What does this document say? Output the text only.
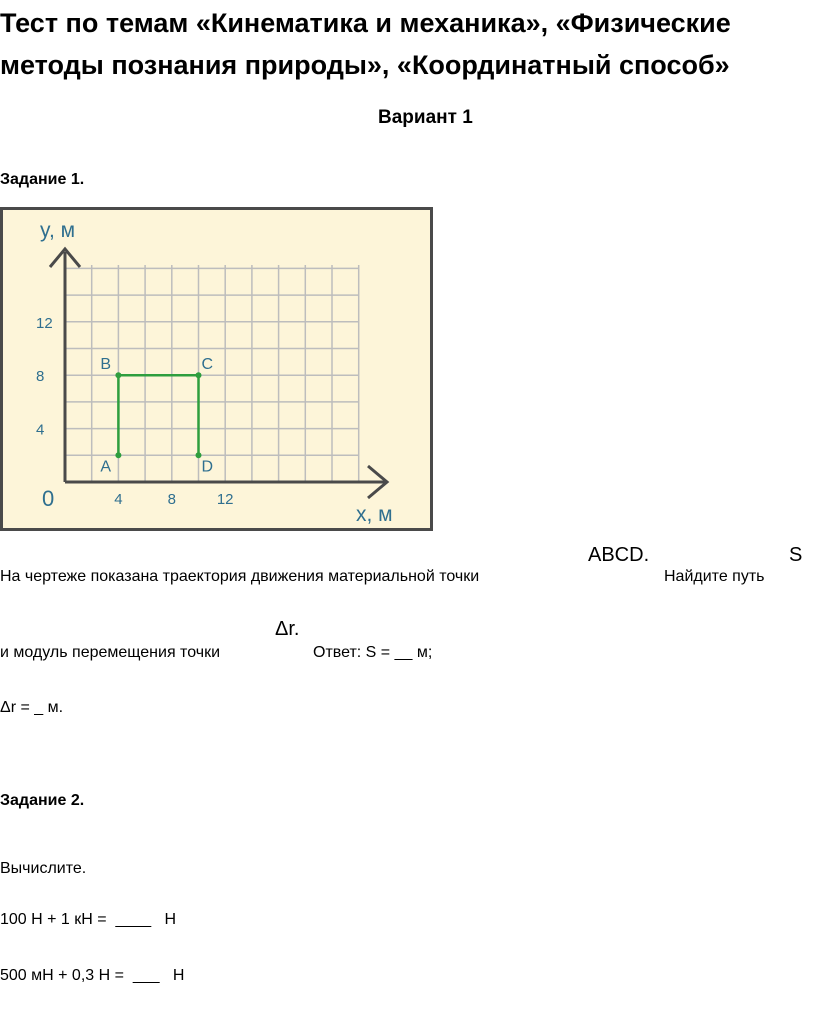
Тест по темам «Кинематика и механика», «Физические методы познания природы», «Координатный способ»
Вариант 1
Задание 1.
y, м
x, м
0
4
8
12
4	8	12
A
B	C
D
На чертеже показана траектория движения материальной точки
ABCD.
Найдите путь
S
и модуль перемещения точки
Δr.
Ответ: S = __ м;
Δr = _ м.
Задание 2.
Вычислите.
100 Н + 1 кН =  ____   Н
500 мН + 0,3 Н =  ___   Н
